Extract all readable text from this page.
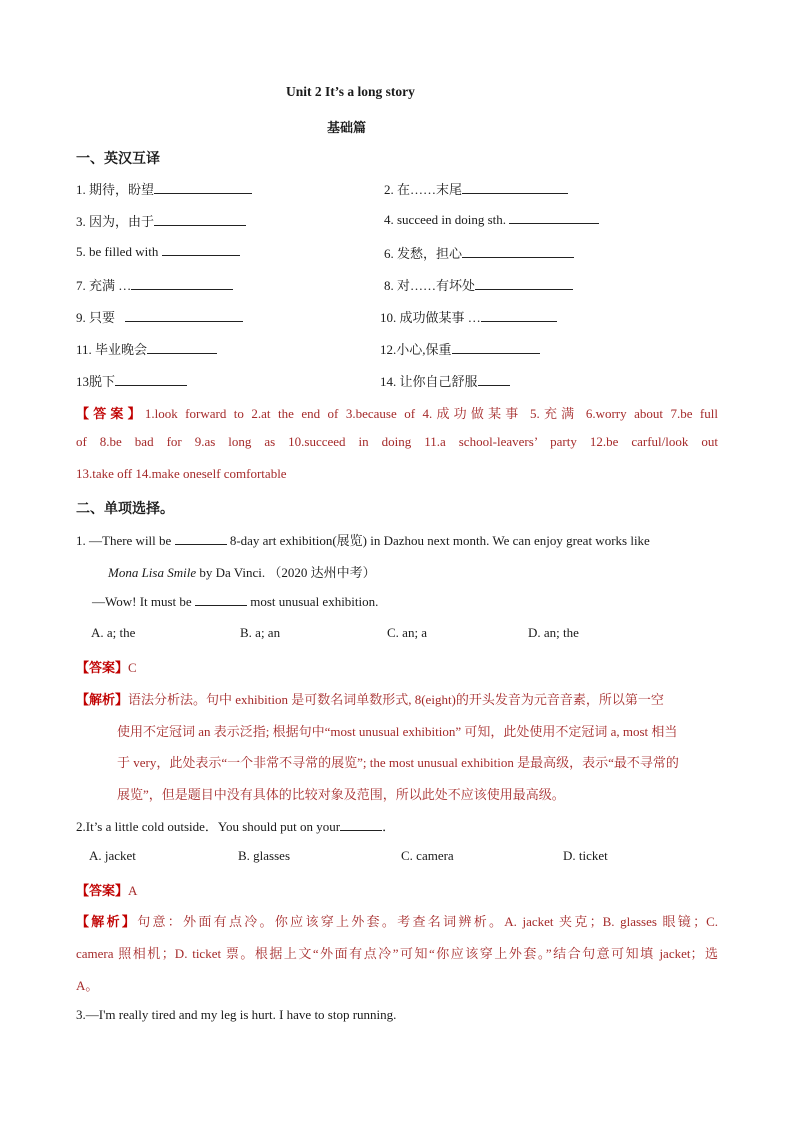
Unit 2 It’s a long story
基础篇
一、英汉互译
1. 期待，盼望	2. 在……末尾
3. 因为，由于	4. succeed in doing sth.
5. be filled with	6. 发愁，担心
7. 充满 …	8. 对……有坏处
9. 只要	10. 成功做某事 …
11. 毕业晚会	12.小心,保重
13脱下	14. 让你自己舒服
【答案】1.look forward to 2.at the end of 3.because of 4.成功做某事 5.充满 6.worry about 7.be full
of 8.be bad for 9.as long as 10.succeed in doing 11.a school-leavers’ party 12.be carful/look out
13.take off 14.make oneself comfortable
二、单项选择。
1. —There will be	8-day art exhibition(展览) in Dazhou next month. We can enjoy great works like
Mona Lisa Smile by Da Vinci. （2020 达州中考）
—Wow! It must be	most unusual exhibition.
A. a; the	B. a; an	C. an; a	D. an; the
【答案】C
【解析】语法分析法。句中 exhibition 是可数名词单数形式, 8(eight)的开头发音为元音音素，所以第一空
使用不定冠词 an 表示泛指; 根据句中“most unusual exhibition” 可知，此处使用不定冠词 a, most 相当
于 very，此处表示“一个非常不寻常的展览”; the most unusual exhibition 是最高级，表示“最不寻常的
展览”，但是题目中没有具体的比较对象及范围，所以此处不应该使用最高级。
2.It’s a little cold outside．You should put on your	．
A. jacket	B. glasses	C. camera	D. ticket
【答案】A
【解析】句意：外面有点冷。你应该穿上外套。考查名词辨析。A. jacket 夹克；B. glasses 眼镜；C.
camera 照相机；D. ticket 票。根据上文“外面有点冷”可知“你应该穿上外套。”结合句意可知填 jacket；选
A。
3.—I'm really tired and my leg is hurt. I have to stop running.
